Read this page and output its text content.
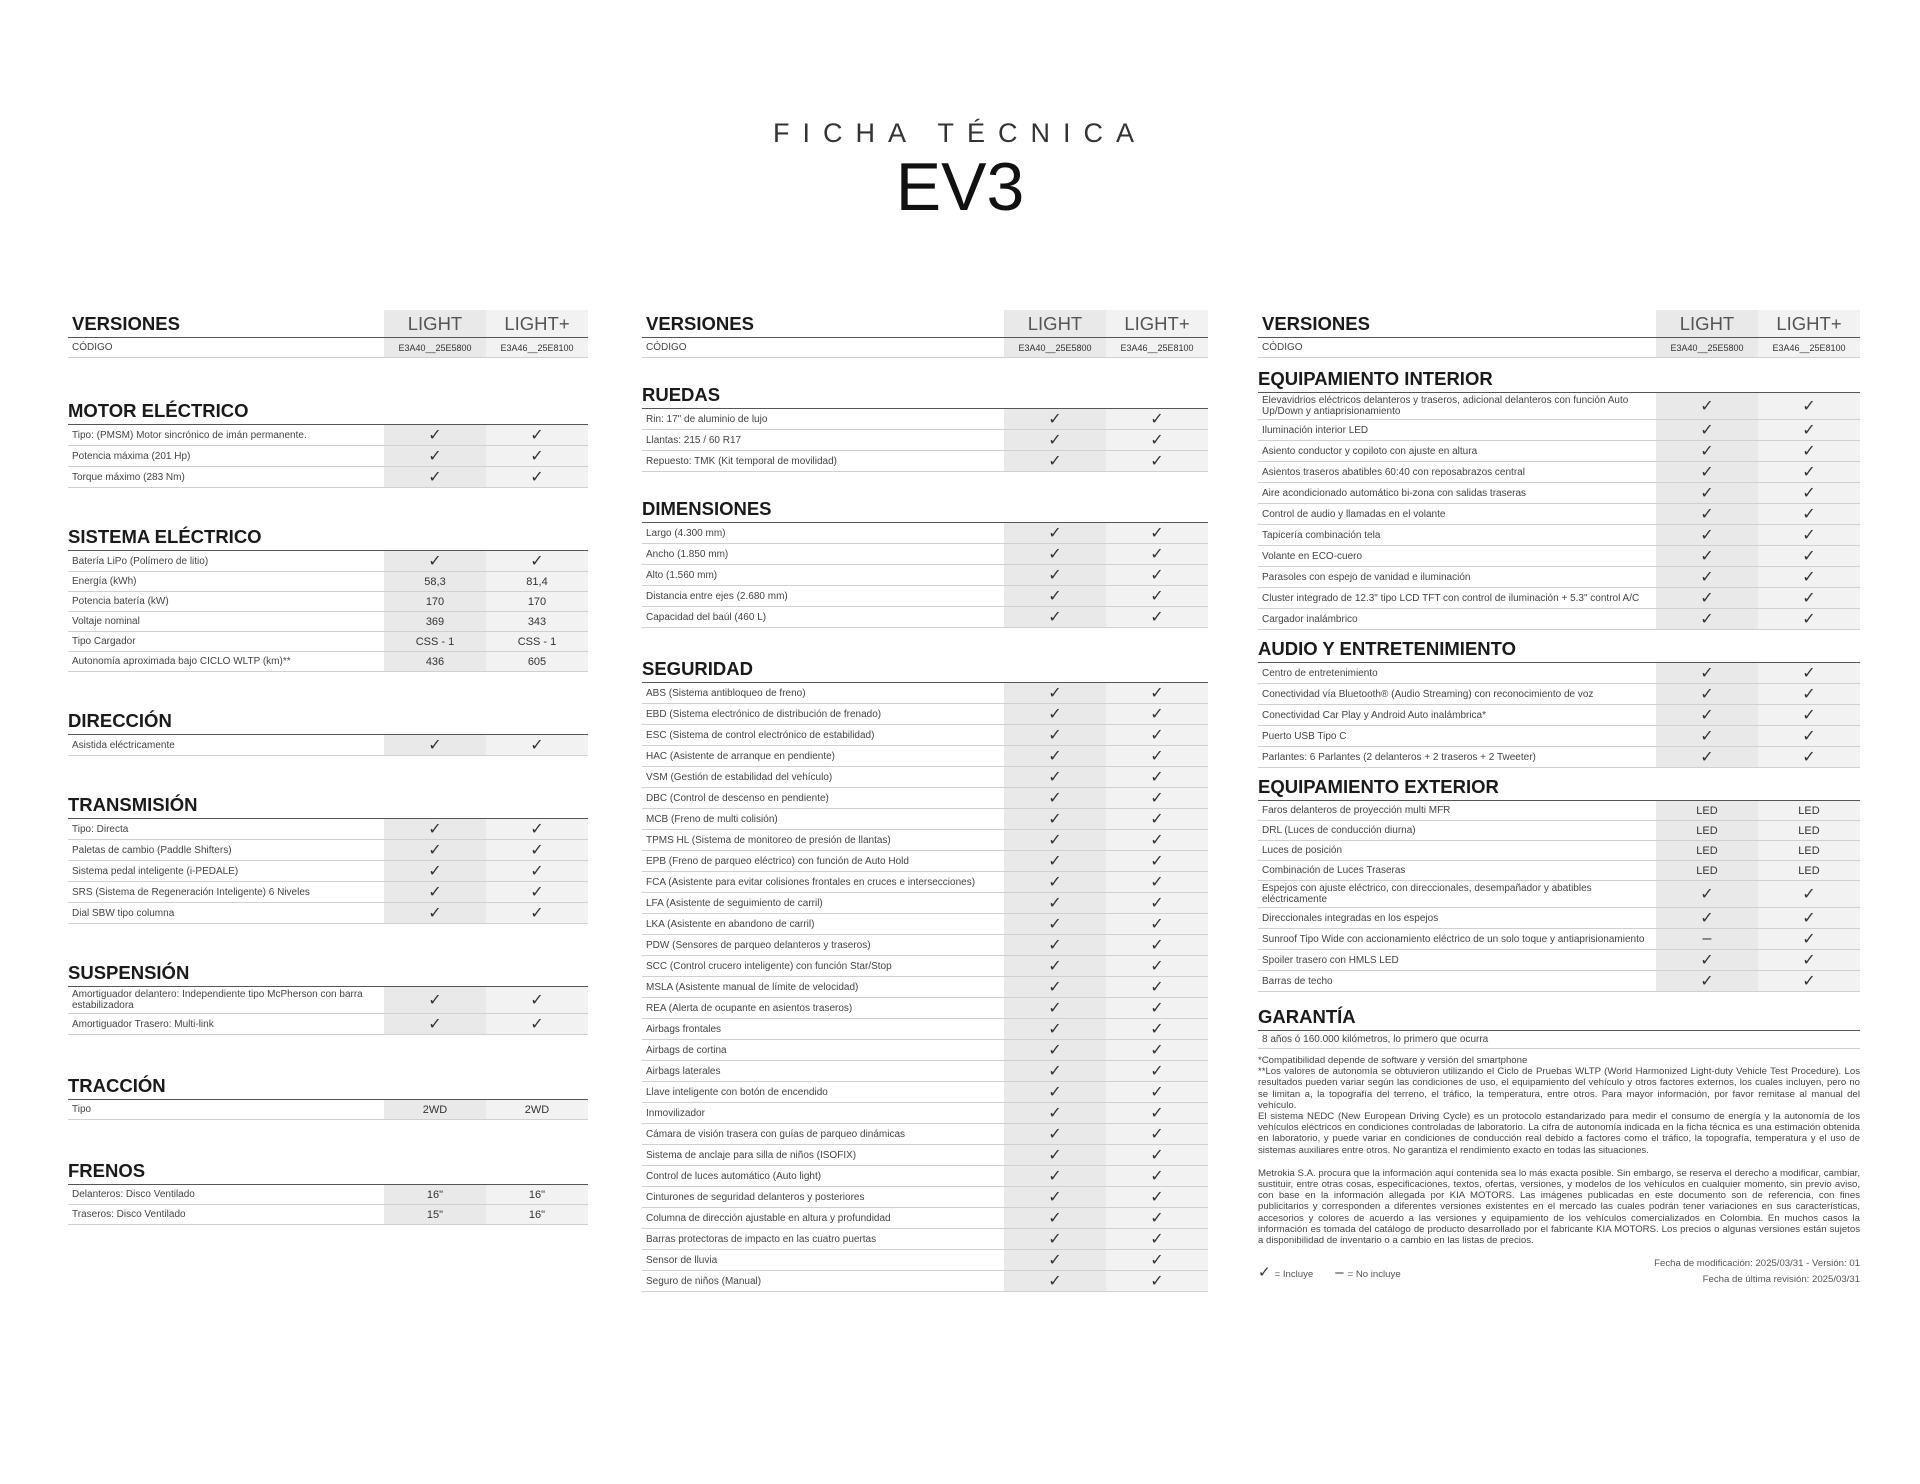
FICHA TÉCNICA
EV3
VERSIONES	LIGHT	LIGHT+
CÓDIGO	E3A40__25E5800	E3A46__25E8100
MOTOR ELÉCTRICO
Tipo: (PMSM) Motor sincrónico de imán permanente.	✓	✓
Potencia máxima (201 Hp)	✓	✓
Torque máximo (283 Nm)	✓	✓
SISTEMA ELÉCTRICO
Batería LiPo (Polímero de litio)	✓	✓
Energía (kWh)	58,3	81,4
Potencia batería (kW)	170	170
Voltaje nominal	369	343
Tipo Cargador	CSS - 1	CSS - 1
Autonomía aproximada bajo CICLO WLTP (km)**	436	605
DIRECCIÓN
Asistida eléctricamente	✓	✓
TRANSMISIÓN
Tipo: Directa	✓	✓
Paletas de cambio (Paddle Shifters)	✓	✓
Sistema pedal inteligente (i-PEDALE)	✓	✓
SRS (Sistema de Regeneración Inteligente) 6 Niveles	✓	✓
Dial SBW tipo columna	✓	✓
SUSPENSIÓN
Amortiguador delantero: Independiente tipo McPherson con barra estabilizadora	✓	✓
Amortiguador Trasero: Multi-link	✓	✓
TRACCIÓN
Tipo	2WD	2WD
FRENOS
Delanteros: Disco Ventilado	16"	16"
Traseros: Disco Ventilado	15"	16"
VERSIONES	LIGHT	LIGHT+
CÓDIGO	E3A40__25E5800	E3A46__25E8100
RUEDAS
Rin: 17" de aluminio de lujo	✓	✓
Llantas: 215 / 60 R17	✓	✓
Repuesto: TMK (Kit temporal de movilidad)	✓	✓
DIMENSIONES
Largo (4.300 mm)	✓	✓
Ancho (1.850 mm)	✓	✓
Alto (1.560 mm)	✓	✓
Distancia entre ejes (2.680 mm)	✓	✓
Capacidad del baúl (460 L)	✓	✓
SEGURIDAD
ABS (Sistema antibloqueo de freno)	✓	✓
EBD (Sistema electrónico de distribución de frenado)	✓	✓
ESC (Sistema de control electrónico de estabilidad)	✓	✓
HAC (Asistente de arranque en pendiente)	✓	✓
VSM (Gestión de estabilidad del vehículo)	✓	✓
DBC (Control de descenso en pendiente)	✓	✓
MCB (Freno de multi colisión)	✓	✓
TPMS HL (Sistema de monitoreo de presión de llantas)	✓	✓
EPB (Freno de parqueo eléctrico) con función de Auto Hold	✓	✓
FCA (Asistente para evitar colisiones frontales en cruces e intersecciones)	✓	✓
LFA (Asistente de seguimiento de carril)	✓	✓
LKA (Asistente en abandono de carril)	✓	✓
PDW (Sensores de parqueo delanteros y traseros)	✓	✓
SCC (Control crucero inteligente) con función Star/Stop	✓	✓
MSLA (Asistente manual de límite de velocidad)	✓	✓
REA (Alerta de ocupante en asientos traseros)	✓	✓
Airbags frontales	✓	✓
Airbags de cortina	✓	✓
Airbags laterales	✓	✓
Llave inteligente con botón de encendido	✓	✓
Inmovilizador	✓	✓
Cámara de visión trasera con guías de parqueo dinámicas	✓	✓
Sistema de anclaje para silla de niños (ISOFIX)	✓	✓
Control de luces automático (Auto light)	✓	✓
Cinturones de seguridad delanteros y posteriores	✓	✓
Columna de dirección ajustable en altura y profundidad	✓	✓
Barras protectoras de impacto en las cuatro puertas	✓	✓
Sensor de lluvia	✓	✓
Seguro de niños (Manual)	✓	✓
VERSIONES	LIGHT	LIGHT+
CÓDIGO	E3A40__25E5800	E3A46__25E8100
EQUIPAMIENTO INTERIOR
Elevavidrios eléctricos delanteros y traseros, adicional delanteros con función Auto Up/Down y antiaprisionamiento	✓	✓
Iluminación interior LED	✓	✓
Asiento conductor y copiloto con ajuste en altura	✓	✓
Asientos traseros abatibles 60:40 con reposabrazos central	✓	✓
Aire acondicionado automático bi-zona con salidas traseras	✓	✓
Control de audio y llamadas en el volante	✓	✓
Tapicería combinación tela	✓	✓
Volante en ECO-cuero	✓	✓
Parasoles con espejo de vanidad e iluminación	✓	✓
Cluster integrado de 12.3" tipo LCD TFT con control de iluminación + 5.3" control A/C	✓	✓
Cargador inalámbrico	✓	✓
AUDIO Y ENTRETENIMIENTO
Centro de entretenimiento	✓	✓
Conectividad vía Bluetooth® (Audio Streaming) con reconocimiento de voz	✓	✓
Conectividad Car Play y Android Auto inalámbrica*	✓	✓
Puerto USB Tipo C	✓	✓
Parlantes: 6 Parlantes (2 delanteros + 2 traseros + 2 Tweeter)	✓	✓
EQUIPAMIENTO EXTERIOR
Faros delanteros de proyección multi MFR	LED	LED
DRL (Luces de conducción diurna)	LED	LED
Luces de posición	LED	LED
Combinación de Luces Traseras	LED	LED
Espejos con ajuste eléctrico, con direccionales, desempañador y abatibles eléctricamente	✓	✓
Direccionales integradas en los espejos	✓	✓
Sunroof Tipo Wide con accionamiento eléctrico de un solo toque y antiaprisionamiento	–	✓
Spoiler trasero con HMLS LED	✓	✓
Barras de techo	✓	✓
GARANTÍA
8 años ó 160.000 kilómetros, lo primero que ocurra
*Compatibilidad depende de software y versión del smartphone
**Los valores de autonomía se obtuvieron utilizando el Ciclo de Pruebas WLTP (World Harmonized Light-duty Vehicle Test Procedure). Los resultados pueden variar según las condiciones de uso, el equipamiento del vehículo y otros factores externos, los cuales incluyen, pero no se limitan a, la topografía del terreno, el tráfico, la temperatura, entre otros. Para mayor información, por favor remitase al manual del vehículo.
El sistema NEDC (New European Driving Cycle) es un protocolo estandarizado para medir el consumo de energía y la autonomía de los vehículos eléctricos en condiciones controladas de laboratorio. La cifra de autonomía indicada en la ficha técnica es una estimación obtenida en laboratorio, y puede variar en condiciones de conducción real debido a factores como el tráfico, la topografía, temperatura y el uso de sistemas auxiliares entre otros. No garantiza el rendimiento exacto en todas las situaciones.
Metrokia S.A. procura que la información aquí contenida sea lo más exacta posible. Sin embargo, se reserva el derecho a modificar, cambiar, sustituir, entre otras cosas, especificaciones, textos, ofertas, versiones, y modelos de los vehículos en cualquier momento, sin previo aviso, con base en la información allegada por KIA MOTORS. Las imágenes publicadas en este documento son de referencia, con fines publicitarios y corresponden a diferentes versiones existentes en el mercado las cuales podrán tener variaciones en sus características, accesorios y colores de acuerdo a las versiones y equipamiento de los vehículos comercializados en Colombia. En muchos casos la información es tomada del catálogo de producto desarrollado por el fabricante KIA MOTORS. Los precios o algunas versiones están sujetos a disponibilidad de inventario o a cambio en las listas de precios.
✓ = Incluye – = No incluye
Fecha de modificación: 2025/03/31 - Versión: 01
Fecha de última revisión: 2025/03/31
